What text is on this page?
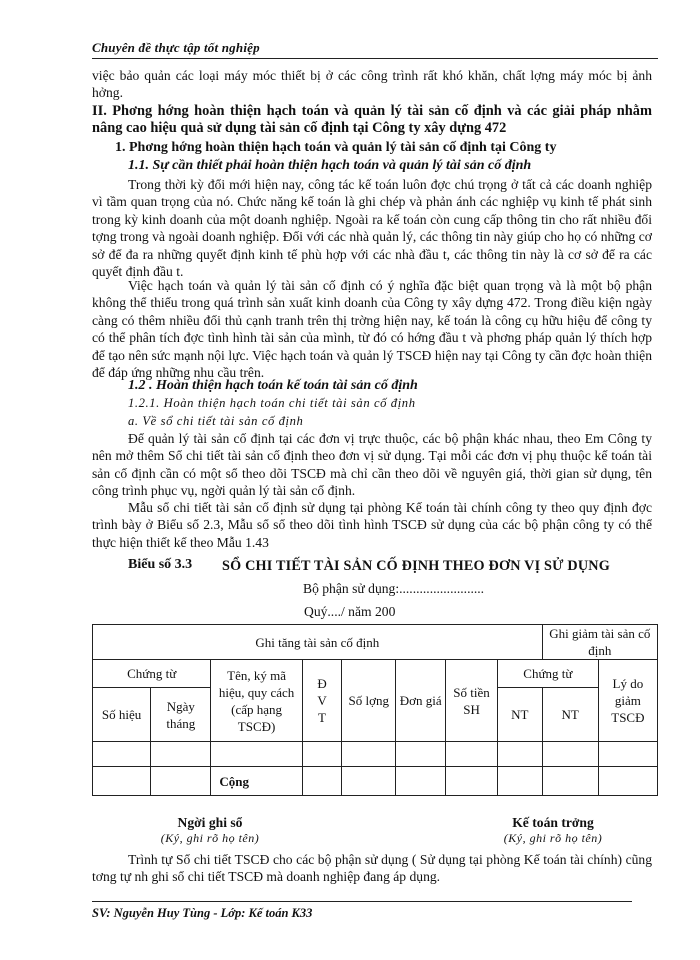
Chuyên đề thực tập tốt nghiệp

việc bảo quản các loại máy móc thiết bị ở các công trình rất khó khăn, chất lợng máy móc bị ảnh hởng.

II. Phơng hớng hoàn thiện hạch toán và quản lý tài sản cố định và các giải pháp nhằm nâng cao hiệu quả sử dụng tài sản cố định tại Công ty xây dựng 472

1. Phơng hớng hoàn thiện hạch toán và quản lý tài sản cố định tại Công ty

1.1. Sự cần thiết phải hoàn thiện hạch toán và quản lý tài sản cố định

Trong thời kỳ đổi mới hiện nay, công tác kế toán luôn đợc chú trọng ở tất cả các doanh nghiệp vì tầm quan trọng của nó. Chức năng kế toán là ghi chép và phản ánh các nghiệp vụ kinh tế phát sinh trong kỳ kinh doanh của một doanh nghiệp. Ngoài ra kế toán còn cung cấp thông tin cho rất nhiều đối tợng trong và ngoài doanh nghiệp. Đối với các nhà quản lý, các thông tin này giúp cho họ có những cơ sở để đa ra những quyết định kinh tế phù hợp với các nhà đầu t, các thông tin này là cơ sở để ra các quyết định đầu t.

Việc hạch toán và quản lý tài sản cố định có ý nghĩa đặc biệt quan trọng và là một bộ phận không thể thiếu trong quá trình sản xuất kinh doanh của Công ty xây dựng 472. Trong điều kiện ngày càng có thêm nhiều đối thủ cạnh tranh trên thị trờng hiện nay, kế toán là công cụ hữu hiệu để công ty có thể phân tích đợc tình hình tài sản của mình, từ đó có hớng đầu t và phơng pháp quản lý thích hợp để tạo nên sức mạnh nội lực. Việc hạch toán và quản lý TSCĐ hiện nay tại Công ty cần đợc hoàn thiện để đáp ứng những nhu cầu trên.

1.2 . Hoàn thiện hạch toán kế toán tài sản cố định

1.2.1. Hoàn thiện hạch toán chi tiết tài sản cố định

a. Về sổ chi tiết tài sản cố định

Để quản lý tài sản cố định tại các đơn vị trực thuộc, các bộ phận khác nhau, theo Em Công ty nên mở thêm Sổ chi tiết tài sản cố định theo đơn vị sử dụng. Tại mỗi các đơn vị phụ thuộc kế toán tài sản cố định cần có một sổ theo dõi TSCĐ mà chỉ cần theo dõi về nguyên giá, thời gian sử dụng, tên công trình phục vụ, ngời quản lý tài sản cố định.

Mẫu sổ chi tiết tài sản cố định sử dụng tại phòng Kế toán tài chính công ty theo quy định đợc trình bày ở Biểu số 2.3, Mẫu sổ sổ theo dõi tình hình TSCĐ sử dụng của các bộ phận công ty có thể thực hiện thiết kế theo Mẫu 1.43

Biểu số 3.3 SỔ CHI TIẾT TÀI SẢN CỐ ĐỊNH THEO ĐƠN VỊ SỬ DỤNG
Bộ phận sử dụng:.........................
Quý..../ năm 200
Ghi tăng tài sản cố định								Ghi giảm tài sản cố định	
Chứng từ		Tên, ký mã hiệu, quy cách (cấp hạng TSCĐ)	Đ
V
T	Số lợng	Đơn giá	Số tiền SH	Chứng từ		Lý do giảm TSCĐ
Số hiệu	Ngày tháng						NT	NT	

		Cộng							
Ngời ghi sổ
(Ký, ghi rõ họ tên)
Kế toán trởng
(Ký, ghi rõ họ tên)

Trình tự Sổ chi tiết TSCĐ cho các bộ phận sử dụng ( Sử dụng tại phòng Kế toán tài chính) cũng tơng tự nh ghi sổ chi tiết TSCĐ mà doanh nghiệp đang áp dụng.

SV: Nguyễn Huy Tùng - Lớp: Kế toán K33
